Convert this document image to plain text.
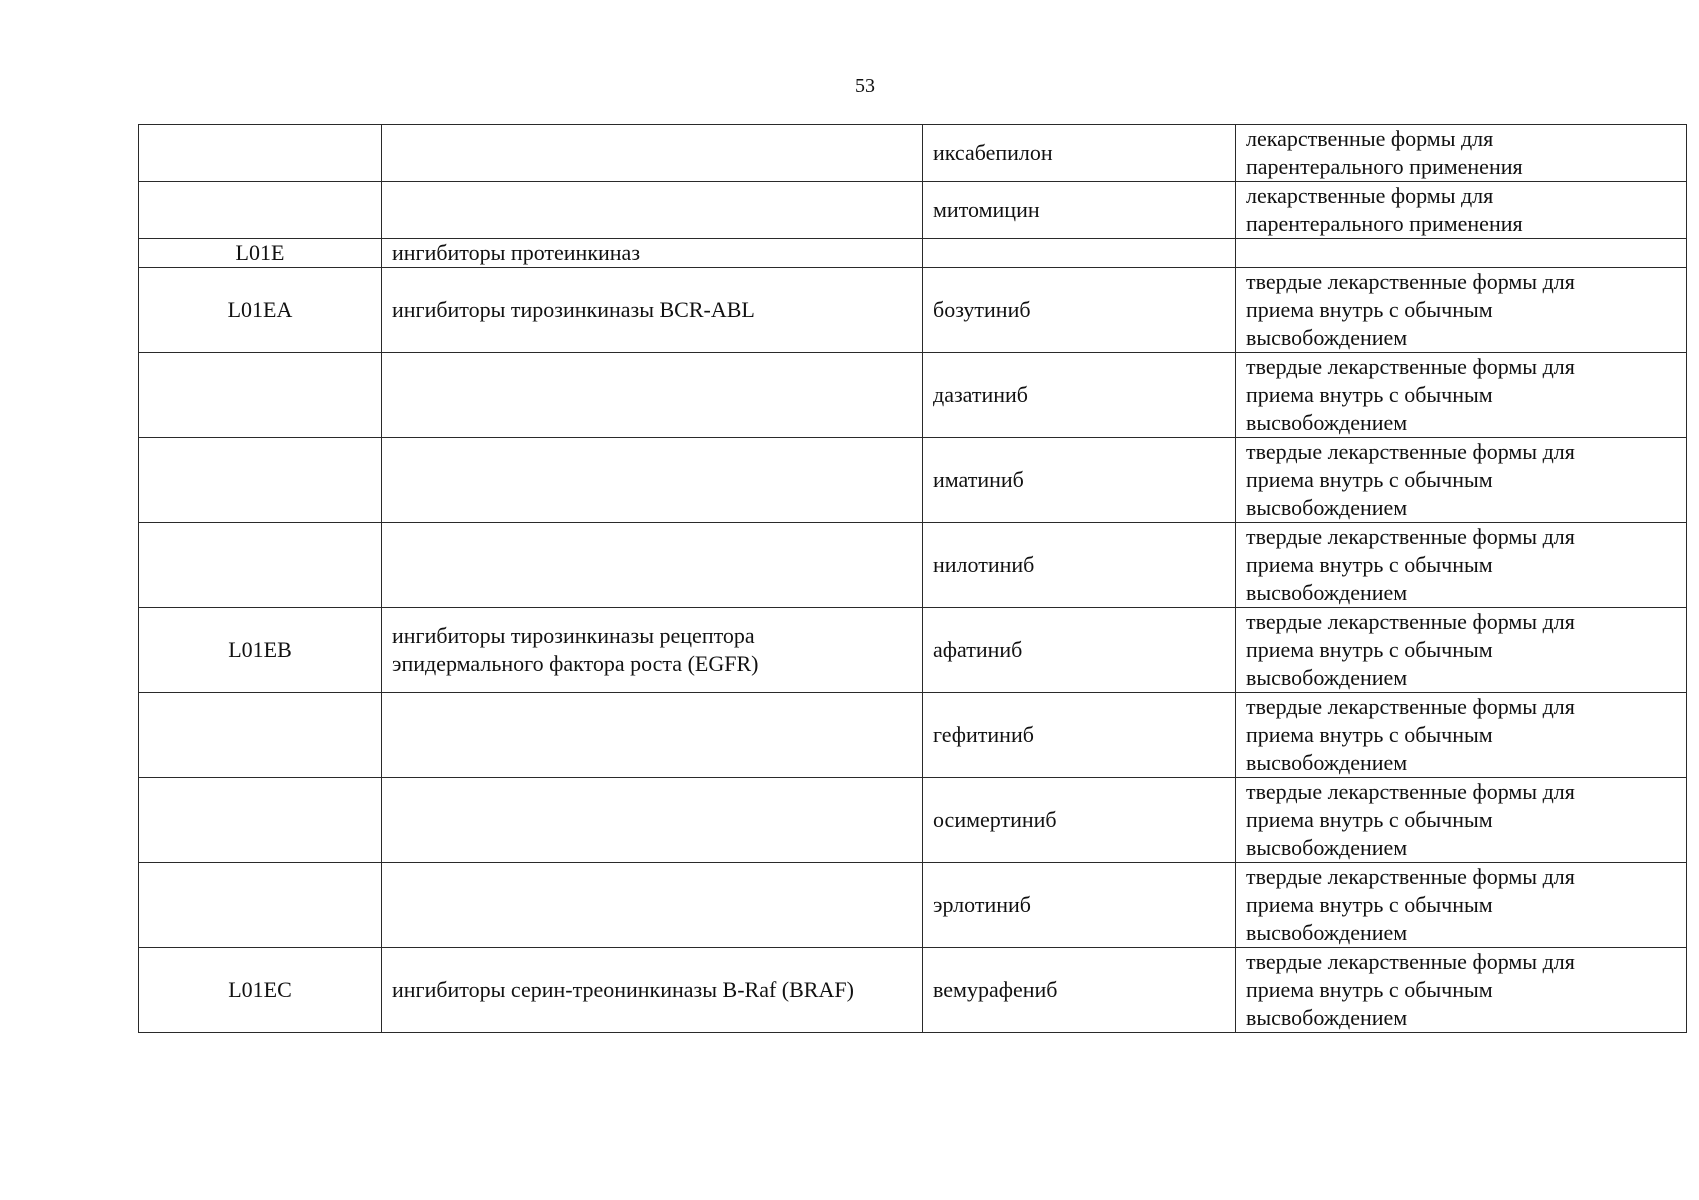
53
		иксабепилон	лекарственные формы для
парентерального применения
		митомицин	лекарственные формы для
парентерального применения
L01E	ингибиторы протеинкиназ		
L01EA	ингибиторы тирозинкиназы BCR-ABL	бозутиниб	твердые лекарственные формы для
приема внутрь с обычным
высвобождением
		дазатиниб	твердые лекарственные формы для
приема внутрь с обычным
высвобождением
		иматиниб	твердые лекарственные формы для
приема внутрь с обычным
высвобождением
		нилотиниб	твердые лекарственные формы для
приема внутрь с обычным
высвобождением
L01EB	ингибиторы тирозинкиназы рецептора
эпидермального фактора роста (EGFR)	афатиниб	твердые лекарственные формы для
приема внутрь с обычным
высвобождением
		гефитиниб	твердые лекарственные формы для
приема внутрь с обычным
высвобождением
		осимертиниб	твердые лекарственные формы для
приема внутрь с обычным
высвобождением
		эрлотиниб	твердые лекарственные формы для
приема внутрь с обычным
высвобождением
L01EC	ингибиторы серин-треонинкиназы B-Raf (BRAF)	вемурафениб	твердые лекарственные формы для
приема внутрь с обычным
высвобождением
